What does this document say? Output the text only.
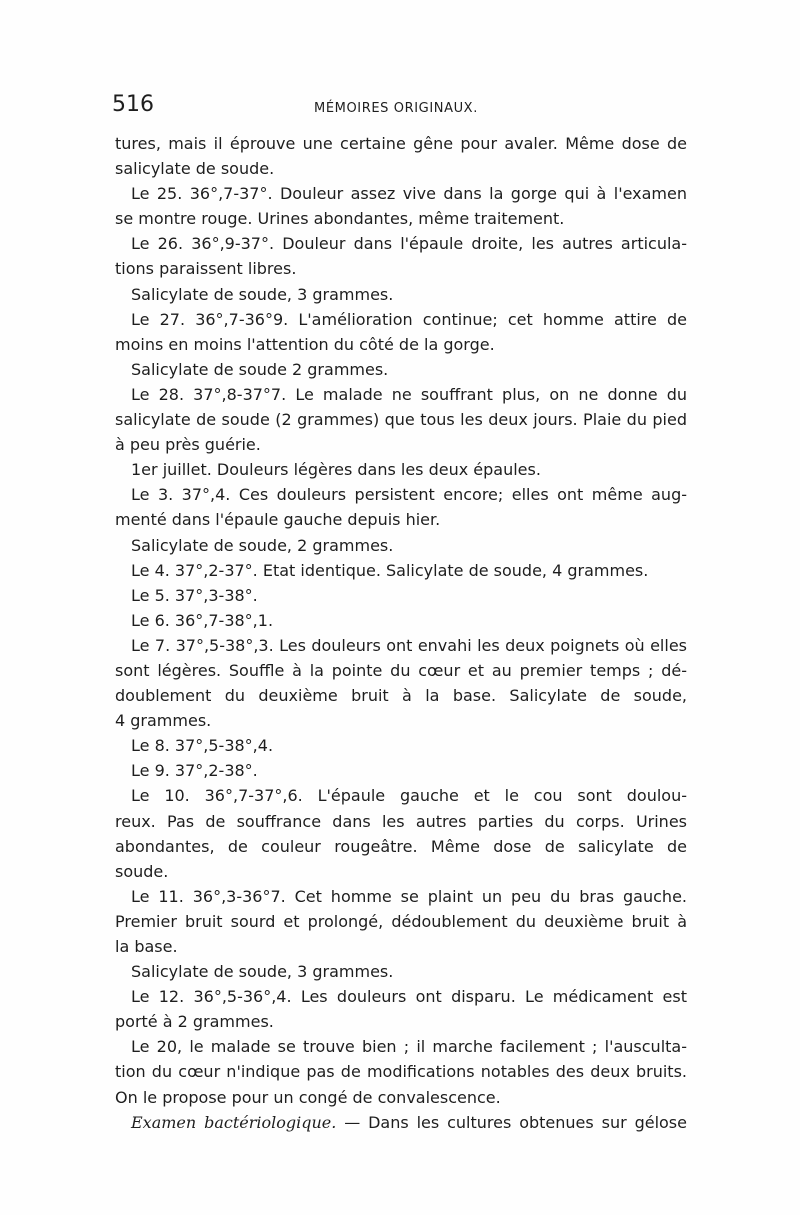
516	MÉMOIRES ORIGINAUX.
tures, mais il éprouve une certaine gêne pour avaler. Même dose de
salicylate de soude.
Le 25. 36°,7-37°. Douleur assez vive dans la gorge qui à l'examen
se montre rouge. Urines abondantes, même traitement.
Le 26. 36°,9-37°. Douleur dans l'épaule droite, les autres articula-
tions paraissent libres.
Salicylate de soude, 3 grammes.
Le 27. 36°,7-36°9. L'amélioration continue; cet homme attire de
moins en moins l'attention du côté de la gorge.
Salicylate de soude 2 grammes.
Le 28. 37°,8-37°7. Le malade ne souffrant plus, on ne donne du
salicylate de soude (2 grammes) que tous les deux jours. Plaie du pied
à peu près guérie.
1er juillet. Douleurs légères dans les deux épaules.
Le 3. 37°,4. Ces douleurs persistent encore; elles ont même aug-
menté dans l'épaule gauche depuis hier.
Salicylate de soude, 2 grammes.
Le 4. 37°,2-37°. Etat identique. Salicylate de soude, 4 grammes.
Le 5. 37°,3-38°.
Le 6. 36°,7-38°,1.
Le 7. 37°,5-38°,3. Les douleurs ont envahi les deux poignets où elles
sont légères. Souffle à la pointe du cœur et au premier temps ; dé-
doublement du deuxième bruit à la base. Salicylate de soude,
4 grammes.
Le 8. 37°,5-38°,4.
Le 9. 37°,2-38°.
Le 10. 36°,7-37°,6. L'épaule gauche et le cou sont doulou-
reux. Pas de souffrance dans les autres parties du corps. Urines
abondantes, de couleur rougeâtre. Même dose de salicylate de
soude.
Le 11. 36°,3-36°7. Cet homme se plaint un peu du bras gauche.
Premier bruit sourd et prolongé, dédoublement du deuxième bruit à
la base.
Salicylate de soude, 3 grammes.
Le 12. 36°,5-36°,4. Les douleurs ont disparu. Le médicament est
porté à 2 grammes.
Le 20, le malade se trouve bien ; il marche facilement ; l'ausculta-
tion du cœur n'indique pas de modifications notables des deux bruits.
On le propose pour un congé de convalescence.
Examen bactériologique. — Dans les cultures obtenues sur gélose
